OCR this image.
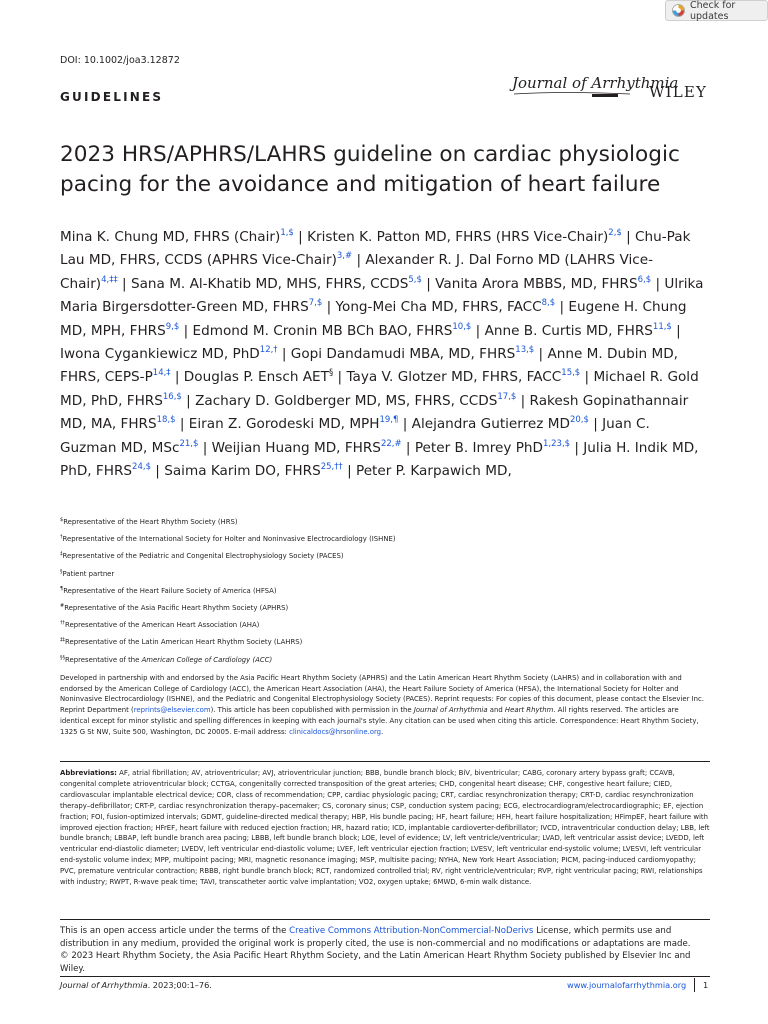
Check for updates
DOI: 10.1002/joa3.12872
GUIDELINES
Journal of Arrhythmia
WILEY
2023 HRS/APHRS/LAHRS guideline on cardiac physiologic pacing for the avoidance and mitigation of heart failure
Mina K. Chung MD, FHRS (Chair)$^{1,\$}$ | Kristen K. Patton MD, FHRS (HRS Vice-Chair)$^{2,\$}$ | Chu-Pak Lau MD, FHRS, CCDS (APHRS Vice-Chair)$^{3,\#}$ | Alexander R. J. Dal Forno MD (LAHRS Vice-Chair)$^{4,\ddagger\ddagger}$ | Sana M. Al-Khatib MD, MHS, FHRS, $CCDS^{5,\$}$ | Vanita Arora MBBS, MD, $FHRS^{6,\$}$ | Ulrika Maria Birgersdotter-Green MD, $FHRS^{7,\$}$ | Yong-Mei Cha MD, FHRS, $FACC^{8,\$}$ | Eugene H. Chung MD, MPH, $FHRS^{9,\$}$ | Edmond M. Cronin MB BCh BAO, $FHRS^{10,\$}$ | Anne B. Curtis MD, $FHRS^{11,\$}$ | Iwona Cygankiewicz MD, PhD$^{12,\dagger}$ | Gopi Dandamudi MBA, MD, $FHRS^{13,\$}$ | Anne M. Dubin MD, FHRS, CEPS-$P^{14,\ddagger}$ | Douglas P. Ensch AET§ | Taya V. Glotzer MD, FHRS, $FACC^{15,\$}$ | Michael R. Gold MD, PhD, $FHRS^{16,\$}$ | Zachary D. Goldberger MD, MS, FHRS, $CCDS^{17,\$}$ | Rakesh Gopinathannair MD, MA, $FHRS^{18,\$}$ | Eiran Z. Gorodeski MD, $MPH^{19,\P}$ | Alejandra Gutierrez $MD^{20,\$}$ | Juan C. Guzman MD, MSc$^{21,\$}$ | Weijian Huang MD, $FHRS^{22,\#}$ | Peter B. Imrey PhD$^{1,23,\$}$ | Julia H. Indik MD, PhD, $FHRS^{24,\$}$ | Saima Karim DO, $FHRS^{25,\dagger\dagger}$ | Peter P. Karpawich MD,
$Representative of the Heart Rhythm Society (HRS)
†Representative of the International Society for Holter and Noninvasive Electrocardiology (ISHNE)
‡Representative of the Pediatric and Congenital Electrophysiology Society (PACES)
§Patient partner
¶Representative of the Heart Failure Society of America (HFSA)
#Representative of the Asia Pacific Heart Rhythm Society (APHRS)
††Representative of the American Heart Association (AHA)
‡‡Representative of the Latin American Heart Rhythm Society (LAHRS)
§§Representative of the American College of Cardiology (ACC)
Developed in partnership with and endorsed by the Asia Pacific Heart Rhythm Society (APHRS) and the Latin American Heart Rhythm Society (LAHRS) and in collaboration with and endorsed by the American College of Cardiology (ACC), the American Heart Association (AHA), the Heart Failure Society of America (HFSA), the International Society for Holter and Noninvasive Electrocardiology (ISHNE), and the Pediatric and Congenital Electrophysiology Society (PACES). Reprint requests: For copies of this document, please contact the Elsevier Inc. Reprint Department (reprints@elsevier.com). This article has been copublished with permission in the Journal of Arrhythmia and Heart Rhythm. All rights reserved. The articles are identical except for minor stylistic and spelling differences in keeping with each journal's style. Any citation can be used when citing this article. Correspondence: Heart Rhythm Society, 1325 G St NW, Suite 500, Washington, DC 20005. E-mail address: clinicaldocs@hrsonline.org.
Abbreviations: AF, atrial fibrillation; AV, atrioventricular; AVJ, atrioventricular junction; BBB, bundle branch block; BiV, biventricular; CABG, coronary artery bypass graft; CCAVB, congenital complete atrioventricular block; CCTGA, congenitally corrected transposition of the great arteries; CHD, congenital heart disease; CHF, congestive heart failure; CIED, cardiovascular implantable electrical device; COR, class of recommendation; CPP, cardiac physiologic pacing; CRT, cardiac resynchronization therapy; CRT-D, cardiac resynchronization therapy–defibrillator; CRT-P, cardiac resynchronization therapy–pacemaker; CS, coronary sinus; CSP, conduction system pacing; ECG, electrocardiogram/electrocardiographic; EF, ejection fraction; FOI, fusion-optimized intervals; GDMT, guideline-directed medical therapy; HBP, His bundle pacing; HF, heart failure; HFH, heart failure hospitalization; HFimpEF, heart failure with improved ejection fraction; HFrEF, heart failure with reduced ejection fraction; HR, hazard ratio; ICD, implantable cardioverter-defibrillator; IVCD, intraventricular conduction delay; LBB, left bundle branch; LBBAP, left bundle branch area pacing; LBBB, left bundle branch block; LOE, level of evidence; LV, left ventricle/ventricular; LVAD, left ventricular assist device; LVEDD, left ventricular end-diastolic diameter; LVEDV, left ventricular end-diastolic volume; LVEF, left ventricular ejection fraction; LVESV, left ventricular end-systolic volume; LVESVI, left ventricular end-systolic volume index; MPP, multipoint pacing; MRI, magnetic resonance imaging; MSP, multisite pacing; NYHA, New York Heart Association; PICM, pacing-induced cardiomyopathy; PVC, premature ventricular contraction; RBBB, right bundle branch block; RCT, randomized controlled trial; RV, right ventricle/ventricular; RVP, right ventricular pacing; RWI, relationships with industry; RWPT, R-wave peak time; TAVI, transcatheter aortic valve implantation; VO2, oxygen uptake; 6MWD, 6-min walk distance.
This is an open access article under the terms of the Creative Commons Attribution-NonCommercial-NoDerivs License, which permits use and distribution in any medium, provided the original work is properly cited, the use is non-commercial and no modifications or adaptations are made.
© 2023 Heart Rhythm Society, the Asia Pacific Heart Rhythm Society, and the Latin American Heart Rhythm Society published by Elsevier Inc and Wiley.
Journal of Arrhythmia. 2023;00:1–76.	www.journalofarrhythmia.org 1
